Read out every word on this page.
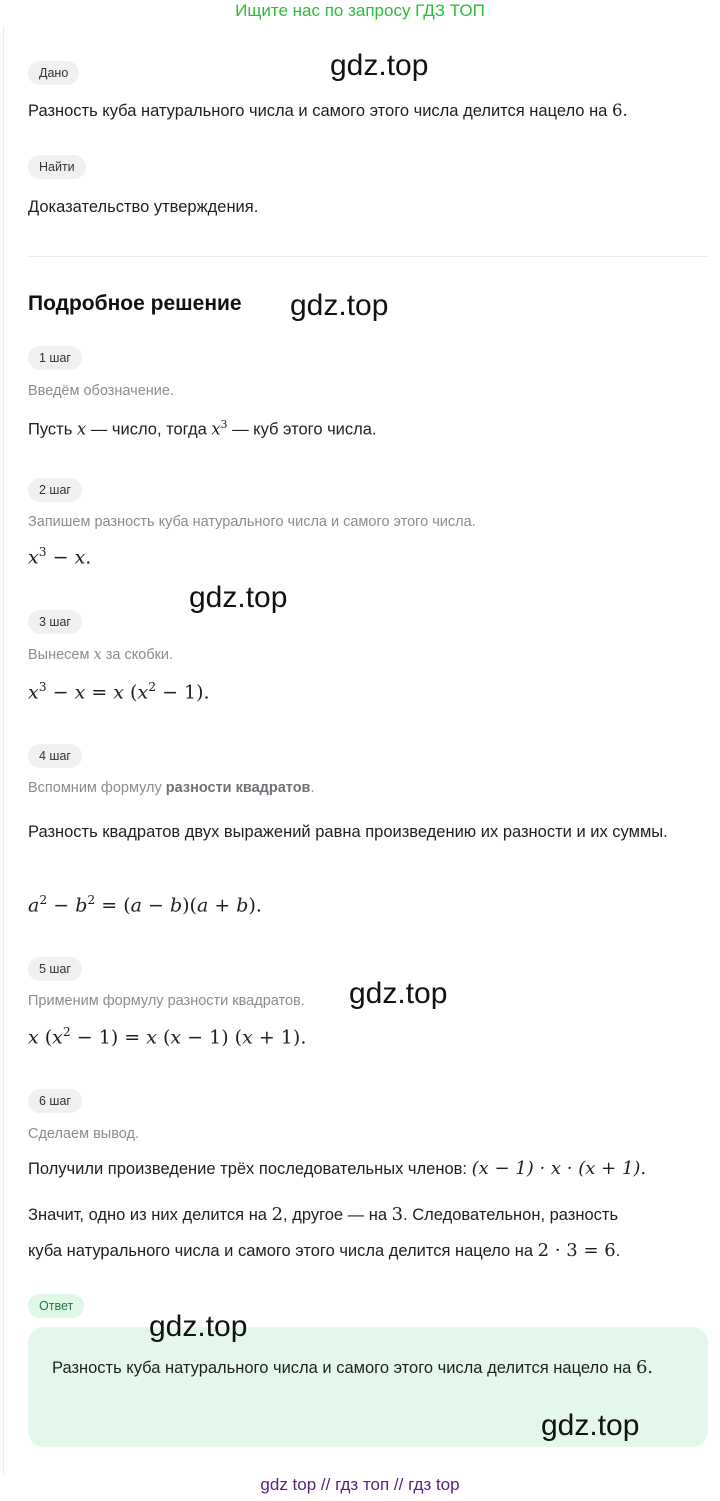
Ищите нас по запросу ГДЗ ТОП
Дано
Разность куба натурального числа и самого этого числа делится нацело на 6.
Найти
Доказательство утверждения.
Подробное решение
1 шаг
Введём обозначение.
Пусть x — число, тогда $x^3$ — куб этого числа.
2 шаг
Запишем разность куба натурального числа и самого этого числа.
$x^3 - x$.
3 шаг
Вынесем x за скобки.
$x^3 - x = x$ $(x^2 - 1)$.
4 шаг
Вспомним формулу разности квадратов.
Разность квадратов двух выражений равна произведению их разности и их суммы.
$a^2 - b^2 = (a - b)(a + b)$.
5 шаг
Применим формулу разности квадратов.
x $(x^2 - 1) = x$ (x − 1) (x + 1).
6 шаг
Сделаем вывод.
Получили произведение трёх последовательных членов: (x − 1) · x · (x + 1).
Значит, одно из них делится на 2, другое — на 3. Следовательнон, разность
куба натурального числа и самого этого числа делится нацело на 2 · 3 = 6.
Ответ
Разность куба натурального числа и самого этого числа делится нацело на 6.
gdz.top
gdz.top
gdz.top
gdz.top
gdz.top
gdz.top
gdz top // гдз топ // гдз top
